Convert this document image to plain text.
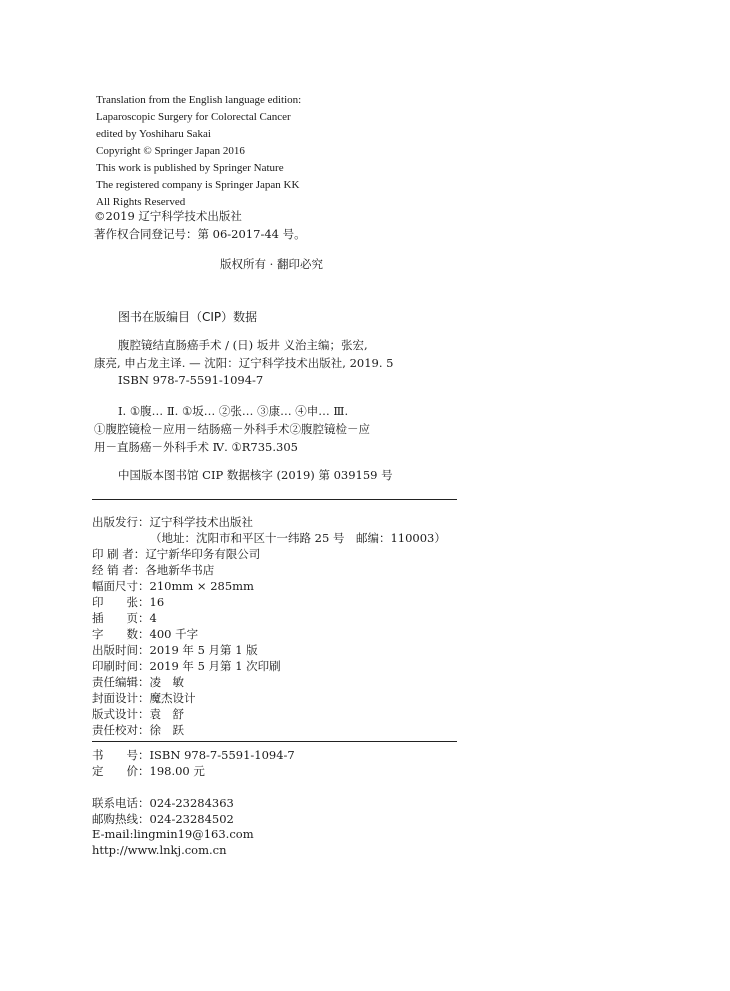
Translation from the English language edition:
Laparoscopic Surgery for Colorectal Cancer
edited by Yoshiharu Sakai
Copyright © Springer Japan 2016
This work is published by Springer Nature
The registered company is Springer Japan KK
All Rights Reserved
©2019 辽宁科学技术出版社
著作权合同登记号：第 06-2017-44 号。
版权所有 · 翻印必究
图书在版编目（CIP）数据
腹腔镜结直肠癌手术 / (日) 坂井 义治主编；张宏,
康亮, 申占龙主译. — 沈阳：辽宁科学技术出版社, 2019. 5
ISBN 978-7-5591-1094-7
Ⅰ. ①腹… Ⅱ. ①坂… ②张… ③康… ④申… Ⅲ.
①腹腔镜检－应用－结肠癌－外科手术②腹腔镜检－应
用－直肠癌－外科手术 Ⅳ. ①R735.305
中国版本图书馆 CIP 数据核字 (2019) 第 039159 号
出版发行：辽宁科学技术出版社
（地址：沈阳市和平区十一纬路 25 号　邮编：110003）
印 刷 者：辽宁新华印务有限公司
经 销 者：各地新华书店
幅面尺寸：210mm × 285mm
印　　张：16
插　　页：4
字　　数：400 千字
出版时间：2019 年 5 月第 1 版
印刷时间：2019 年 5 月第 1 次印刷
责任编辑：凌　敏
封面设计：魔杰设计
版式设计：袁　舒
责任校对：徐　跃
书　　号：ISBN 978-7-5591-1094-7
定　　价：198.00 元
联系电话：024-23284363
邮购热线：024-23284502
E-mail:lingmin19@163.com
http://www.lnkj.com.cn
